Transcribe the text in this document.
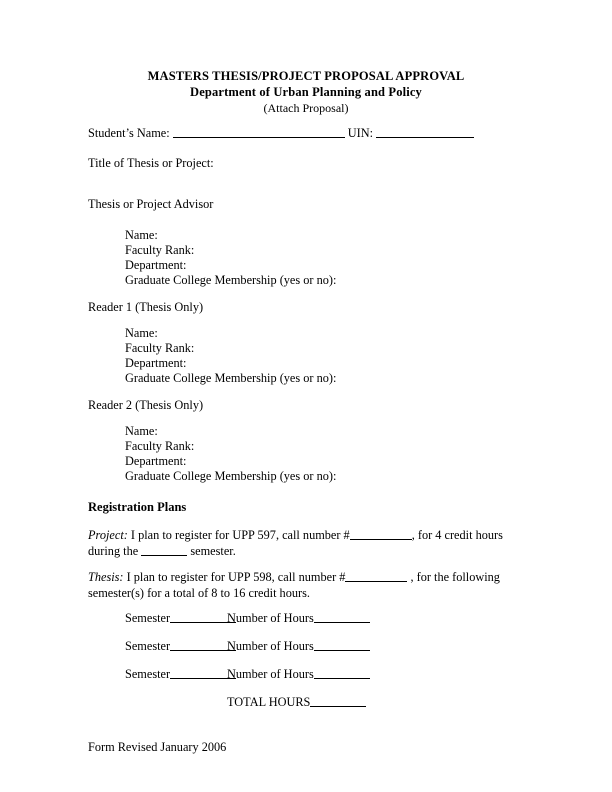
MASTERS THESIS/PROJECT PROPOSAL APPROVAL
Department of Urban Planning and Policy
(Attach Proposal)
Student’s Name:	UIN:
Title of Thesis or Project:
Thesis or Project Advisor
Name:
Faculty Rank:
Department:
Graduate College Membership (yes or no):
Reader 1 (Thesis Only)
Name:
Faculty Rank:
Department:
Graduate College Membership (yes or no):
Reader 2 (Thesis Only)
Name:
Faculty Rank:
Department:
Graduate College Membership (yes or no):
Registration Plans
Project: I plan to register for UPP 597, call number #	, for 4 credit hours during the	semester.
Thesis: I plan to register for UPP 598, call number #	, for the following semester(s) for a total of 8 to 16 credit hours.
Semester	Number of Hours
Semester	Number of Hours
Semester	Number of Hours
TOTAL HOURS
Form Revised January 2006
